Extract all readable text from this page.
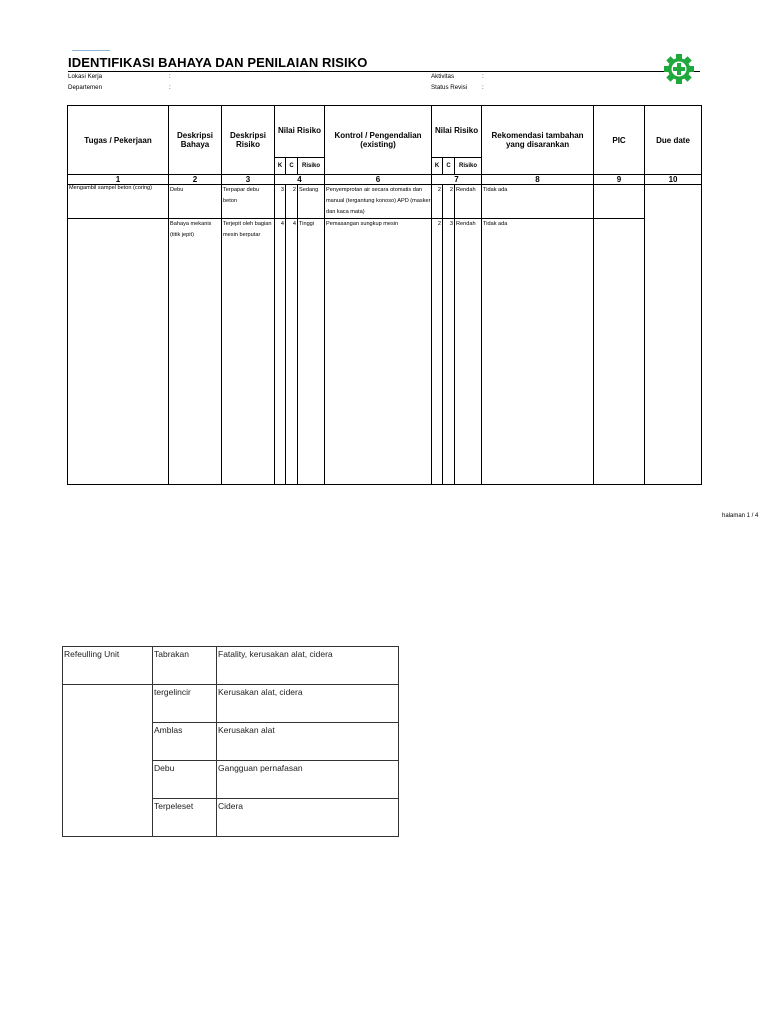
IDENTIFIKASI BAHAYA DAN PENILAIAN RISIKO
Lokasi Kerja	:
Departemen	:
Aktivitas	:
Status Revisi :
Tugas / Pekerjaan	Deskripsi Bahaya	Deskripsi Risiko	Nilai Risiko			Kontrol / Pengendalian (existing)	Nilai Risiko			Rekomendasi tambahan yang disarankan	PIC	Due date
			K	C	Risiko		K	C	Risiko			
1	2	3	4			6	7			8	9	10
Mengambil sampel beton (coring)	Debu	Terpapar debu beton	3	2	Sedang	Penyemprotan air secara otomatis dan manual (tergantung konoso) APD (masker dan kaca mata)	2	2	Rendah	Tidak ada		
	Bahaya mekanis (titik jepit)	Terjepit oleh bagian mesin berputar	4	4	Tinggi	Pemasangan sungkup mesin	2	3	Rendah	Tidak ada		
halaman 1 / 4
Refeulling Unit	Tabrakan	Fatality, kerusakan alat, cidera
	tergelincir	Kerusakan alat, cidera
	Amblas	Kerusakan alat
	Debu	Gangguan pernafasan
	Terpeleset	Cidera
